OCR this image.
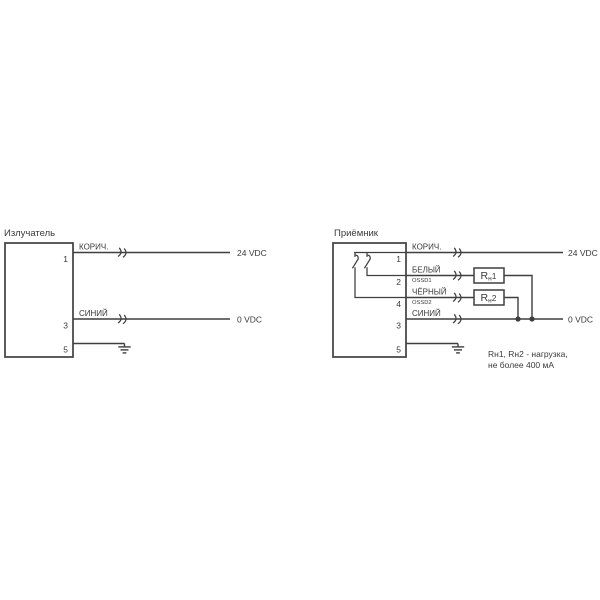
Излучатель
КОРИЧ.
1
24 VDC
СИНИЙ
3
0 VDC
5
Приёмник
КОРИЧ.
1
24 VDC
БЕЛЫЙ
OSSD1
2	Rн1
ЧЁРНЫЙ
OSSD2
4	Rн2
СИНИЙ
3
0 VDC
5	Rн1, Rн2 - нагрузка,
не более 400 мА
